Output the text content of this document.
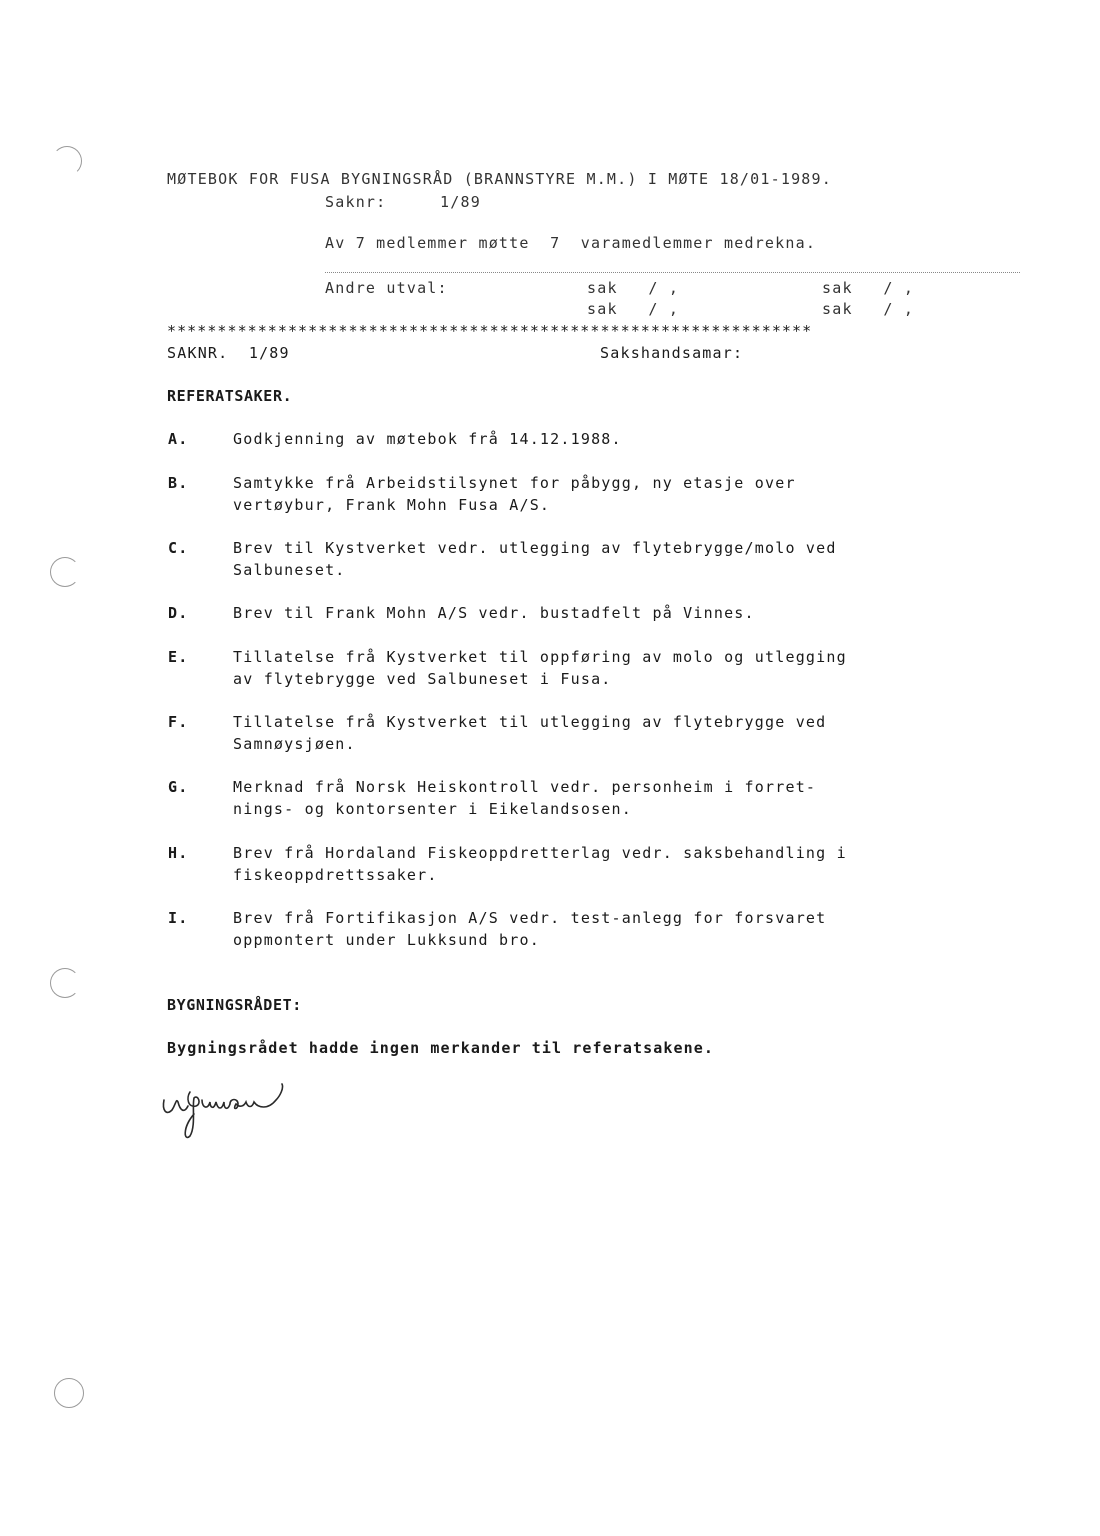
MØTEBOK FOR FUSA BYGNINGSRÅD (BRANNSTYRE M.M.) I MØTE 18/01-1989.
Saknr:	1/89
Av 7 medlemmer møtte  7  varamedlemmer medrekna.
Andre utval:	sak   / ,	sak   / ,
sak   / ,	sak   / ,
****************************************************************
SAKNR.  1/89	Sakshandsamar:
REFERATSAKER.
A.	Godkjenning av møtebok frå 14.12.1988.
B.	Samtykke frå Arbeidstilsynet for påbygg, ny etasje over
vertøybur, Frank Mohn Fusa A/S.
C.	Brev til Kystverket vedr. utlegging av flytebrygge/molo ved
Salbuneset.
D.	Brev til Frank Mohn A/S vedr. bustadfelt på Vinnes.
E.	Tillatelse frå Kystverket til oppføring av molo og utlegging
av flytebrygge ved Salbuneset i Fusa.
F.	Tillatelse frå Kystverket til utlegging av flytebrygge ved
Samnøysjøen.
G.	Merknad frå Norsk Heiskontroll vedr. personheim i forret-
nings- og kontorsenter i Eikelandsosen.
H.	Brev frå Hordaland Fiskeoppdretterlag vedr. saksbehandling i
fiskeoppdrettssaker.
I.	Brev frå Fortifikasjon A/S vedr. test-anlegg for forsvaret
oppmontert under Lukksund bro.
BYGNINGSRÅDET:
Bygningsrådet hadde ingen merkander til referatsakene.
